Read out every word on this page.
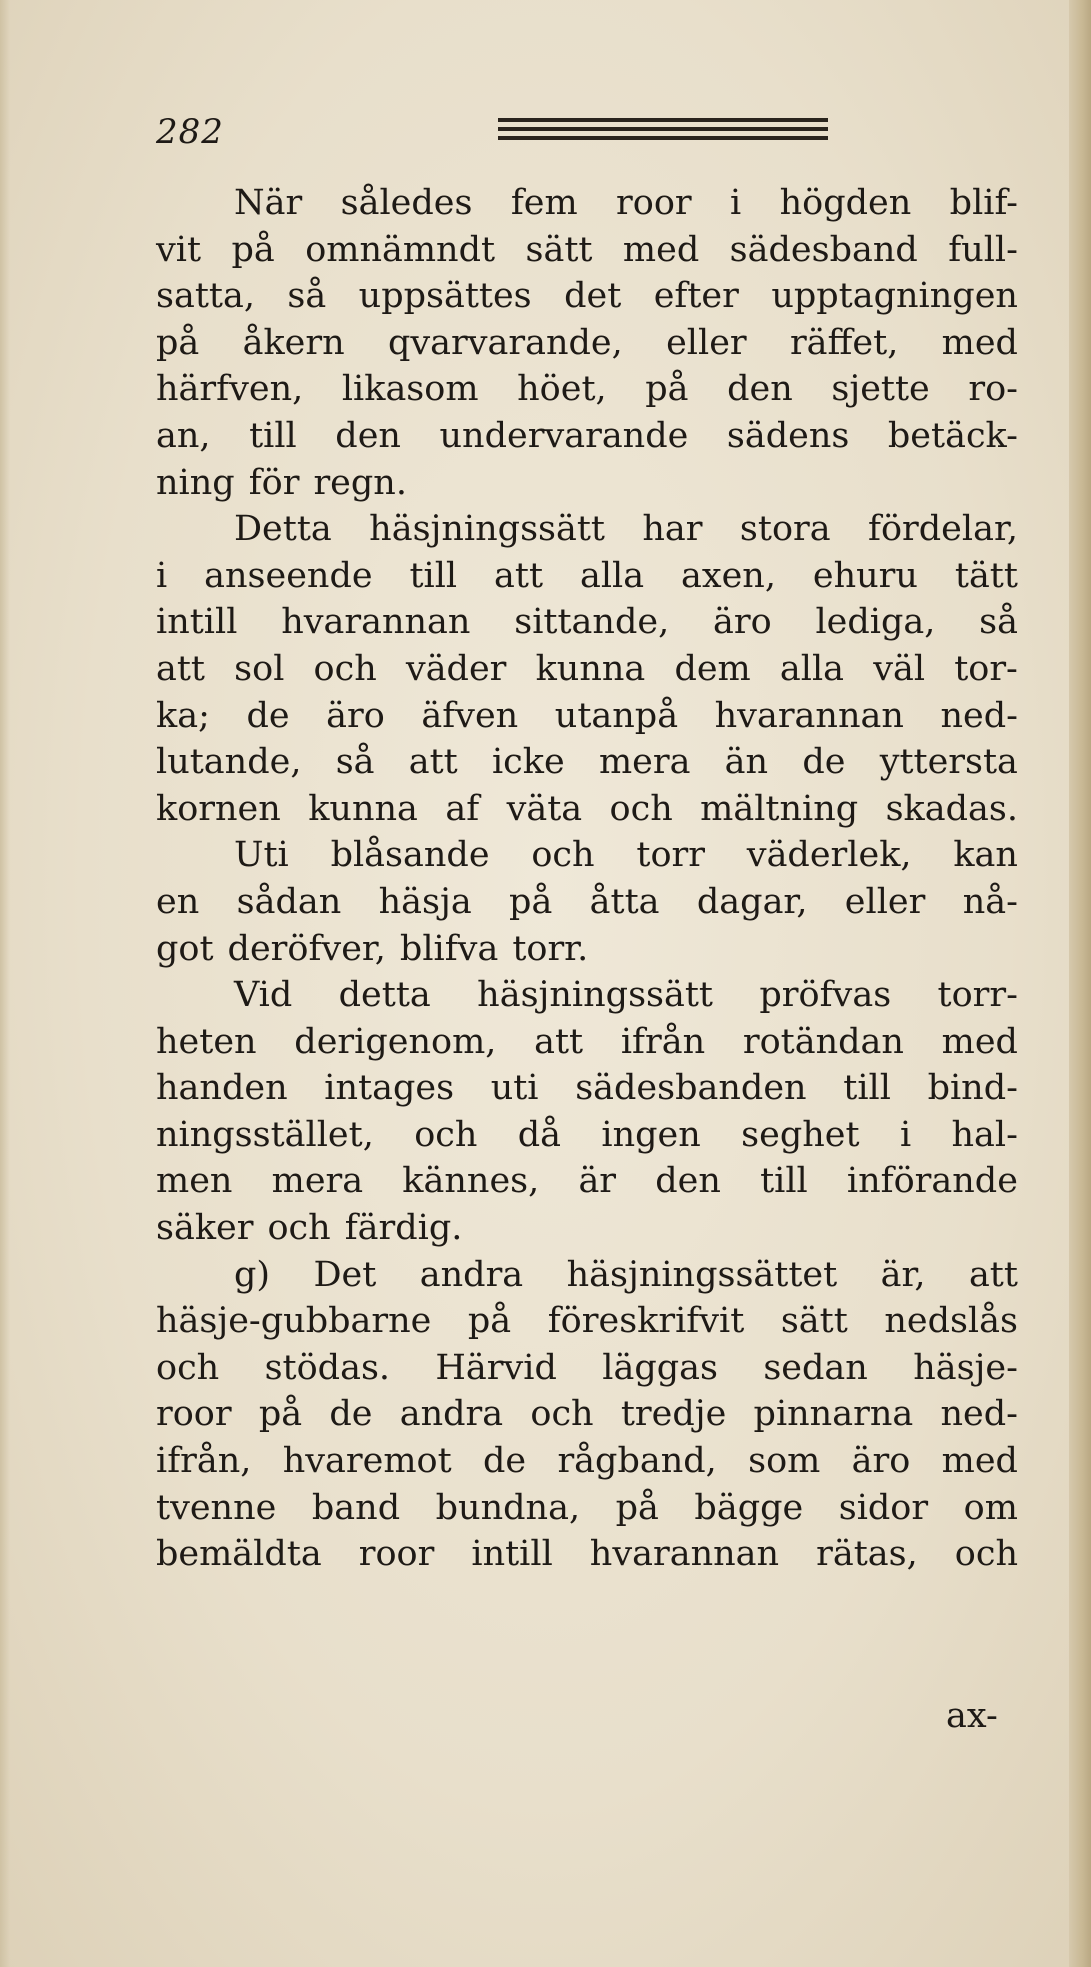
282
När således fem roor i högden blif-
vit på omnämndt sätt med sädesband full-
satta, så uppsättes det efter upptagningen
på åkern qvarvarande, eller räffet, med
härfven, likasom höet, på den sjette ro-
an, till den undervarande sädens betäck-
ning för regn.
Detta häsjningssätt har stora fördelar,
i anseende till att alla axen, ehuru tätt
intill hvarannan sittande, äro lediga, så
att sol och väder kunna dem alla väl tor-
ka; de äro äfven utanpå hvarannan ned-
lutande, så att icke mera än de yttersta
kornen kunna af väta och mältning skadas.
Uti blåsande och torr väderlek, kan
en sådan häsja på åtta dagar, eller nå-
got deröfver, blifva torr.
Vid detta häsjningssätt pröfvas torr-
heten derigenom, att ifrån rotändan med
handen intages uti sädesbanden till bind-
ningsstället, och då ingen seghet i hal-
men mera kännes, är den till införande
säker och färdig.
g) Det andra häsjningssättet är, att
häsje-gubbarne på föreskrifvit sätt nedslås
och stödas. Härvid läggas sedan häsje-
roor på de andra och tredje pinnarna ned-
ifrån, hvaremot de rågband, som äro med
tvenne band bundna, på bägge sidor om
bemäldta roor intill hvarannan rätas, och
ax-
